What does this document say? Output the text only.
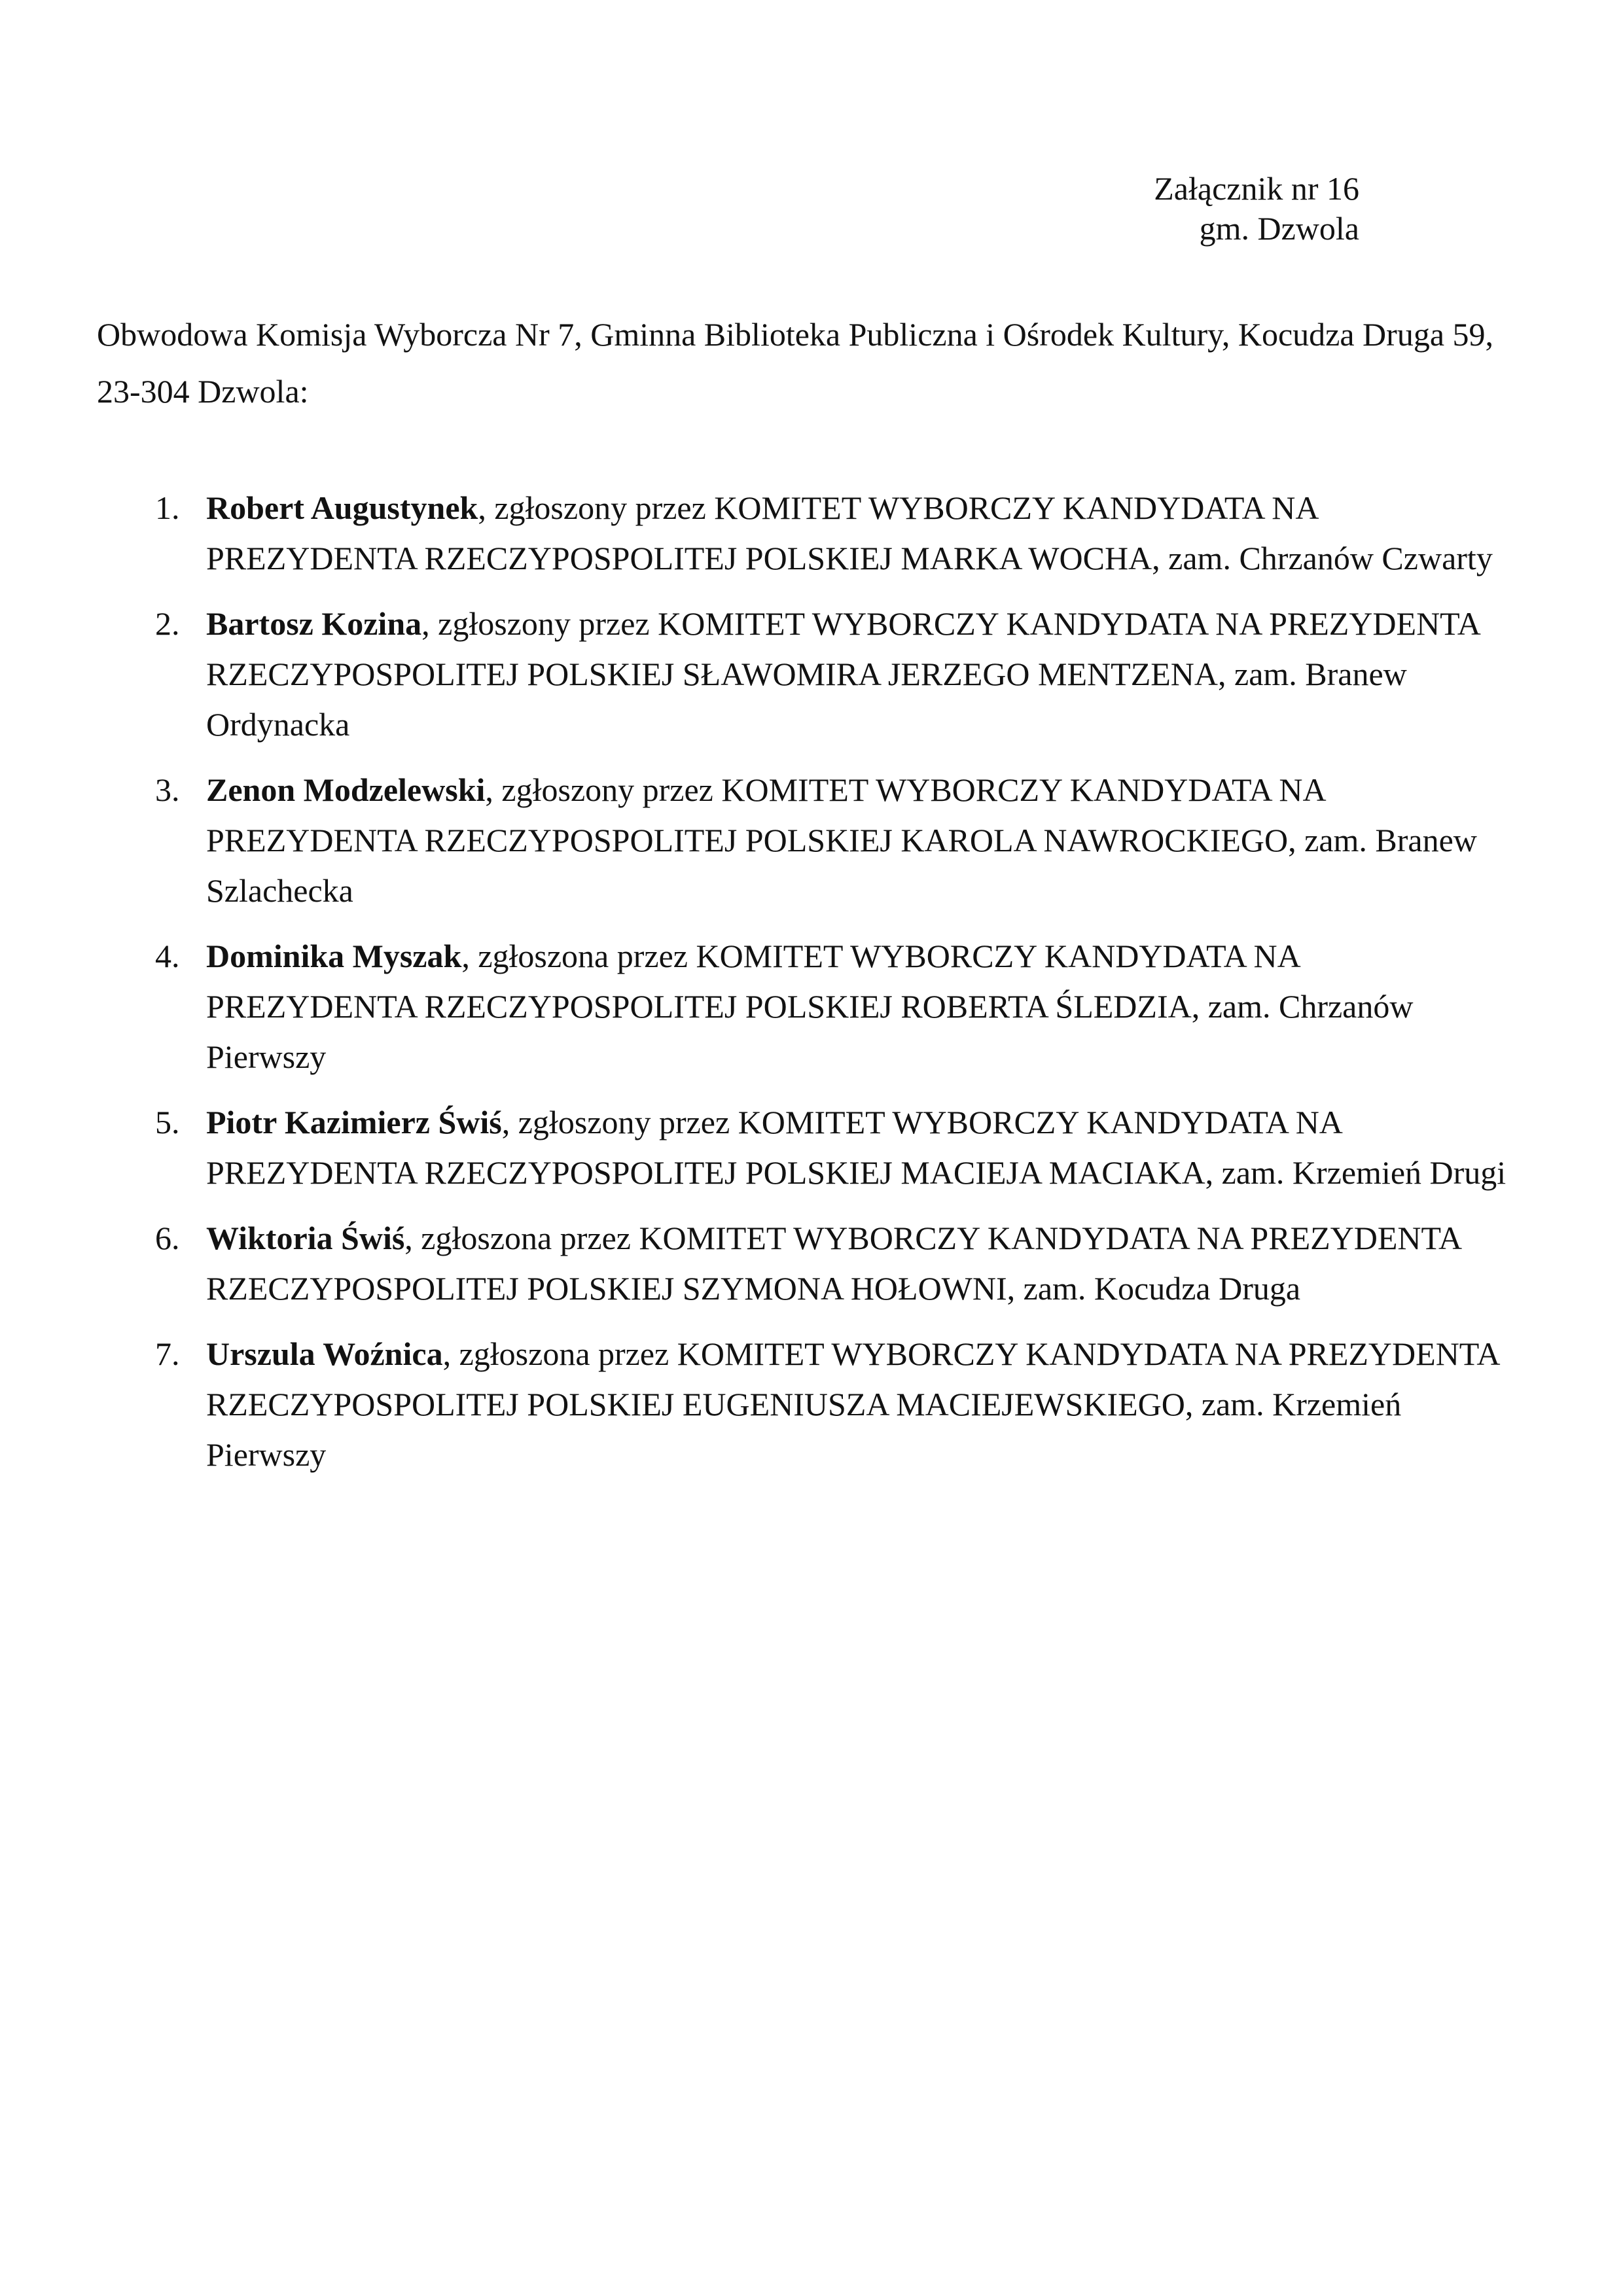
Załącznik nr 16
gm. Dzwola

Obwodowa Komisja Wyborcza Nr 7, Gminna Biblioteka Publiczna i Ośrodek Kultury, Kocudza Druga 59, 23-304 Dzwola:

1. Robert Augustynek, zgłoszony przez KOMITET WYBORCZY KANDYDATA NA PREZYDENTA RZECZYPOSPOLITEJ POLSKIEJ MARKA WOCHA, zam. Chrzanów Czwarty
2. Bartosz Kozina, zgłoszony przez KOMITET WYBORCZY KANDYDATA NA PREZYDENTA RZECZYPOSPOLITEJ POLSKIEJ SŁAWOMIRA JERZEGO MENTZENA, zam. Branew Ordynacka
3. Zenon Modzelewski, zgłoszony przez KOMITET WYBORCZY KANDYDATA NA PREZYDENTA RZECZYPOSPOLITEJ POLSKIEJ KAROLA NAWROCKIEGO, zam. Branew Szlachecka
4. Dominika Myszak, zgłoszona przez KOMITET WYBORCZY KANDYDATA NA PREZYDENTA RZECZYPOSPOLITEJ POLSKIEJ ROBERTA ŚLEDZIA, zam. Chrzanów Pierwszy
5. Piotr Kazimierz Świś, zgłoszony przez KOMITET WYBORCZY KANDYDATA NA PREZYDENTA RZECZYPOSPOLITEJ POLSKIEJ MACIEJA MACIAKA, zam. Krzemień Drugi
6. Wiktoria Świś, zgłoszona przez KOMITET WYBORCZY KANDYDATA NA PREZYDENTA RZECZYPOSPOLITEJ POLSKIEJ SZYMONA HOŁOWNI, zam. Kocudza Druga
7. Urszula Woźnica, zgłoszona przez KOMITET WYBORCZY KANDYDATA NA PREZYDENTA RZECZYPOSPOLITEJ POLSKIEJ EUGENIUSZA MACIEJEWSKIEGO, zam. Krzemień Pierwszy
